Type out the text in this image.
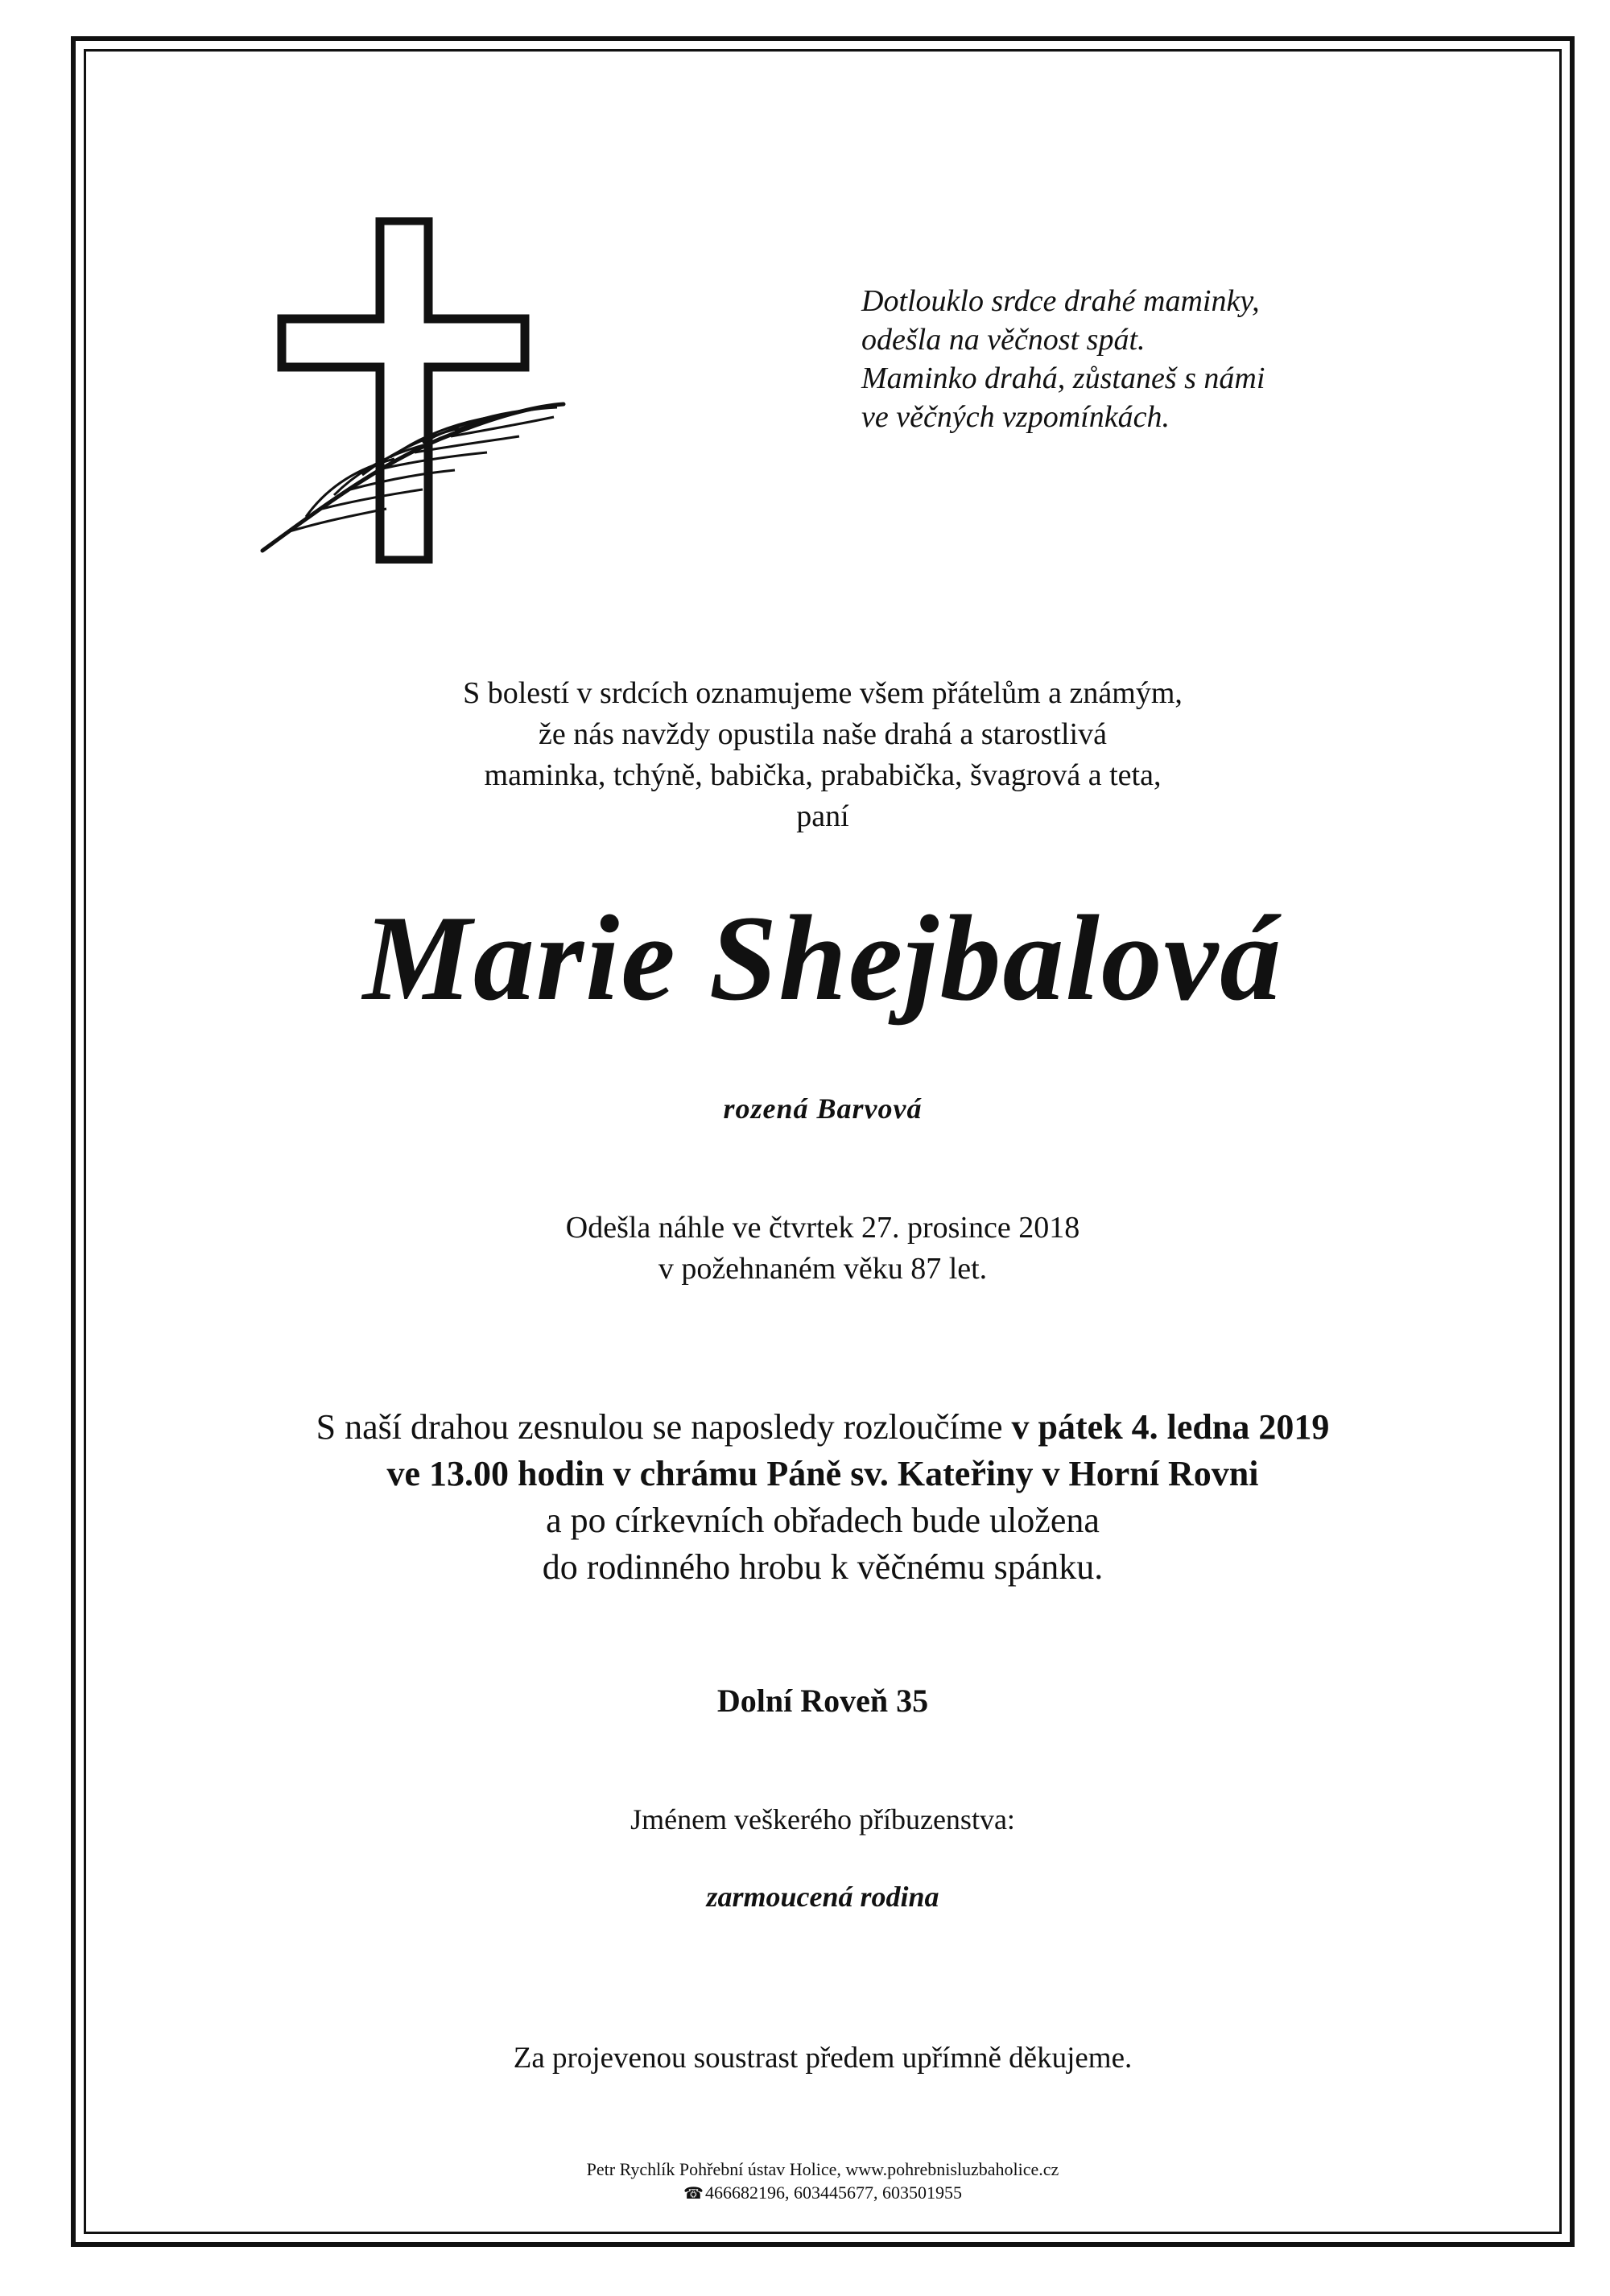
Dotlouklo srdce drahé maminky,
odešla na věčnost spát.
Maminko drahá, zůstaneš s námi
ve věčných vzpomínkách.
S bolestí v srdcích oznamujeme všem přátelům a známým,
že nás navždy opustila naše drahá a starostlivá
maminka, tchýně, babička, prababička, švagrová a teta,
paní
Marie Shejbalová
rozená Barvová
Odešla náhle ve čtvrtek 27. prosince 2018
v požehnaném věku 87 let.
S naší drahou zesnulou se naposledy rozloučíme v pátek 4. ledna 2019
ve 13.00 hodin v chrámu Páně sv. Kateřiny v Horní Rovni
a po církevních obřadech bude uložena
do rodinného hrobu k věčnému spánku.
Dolní Roveň 35
Jménem veškerého příbuzenstva:
zarmoucená rodina
Za projevenou soustrast předem upřímně děkujeme.
Petr Rychlík Pohřební ústav Holice, www.pohrebnisluzbaholice.cz
☎466682196, 603445677, 603501955
